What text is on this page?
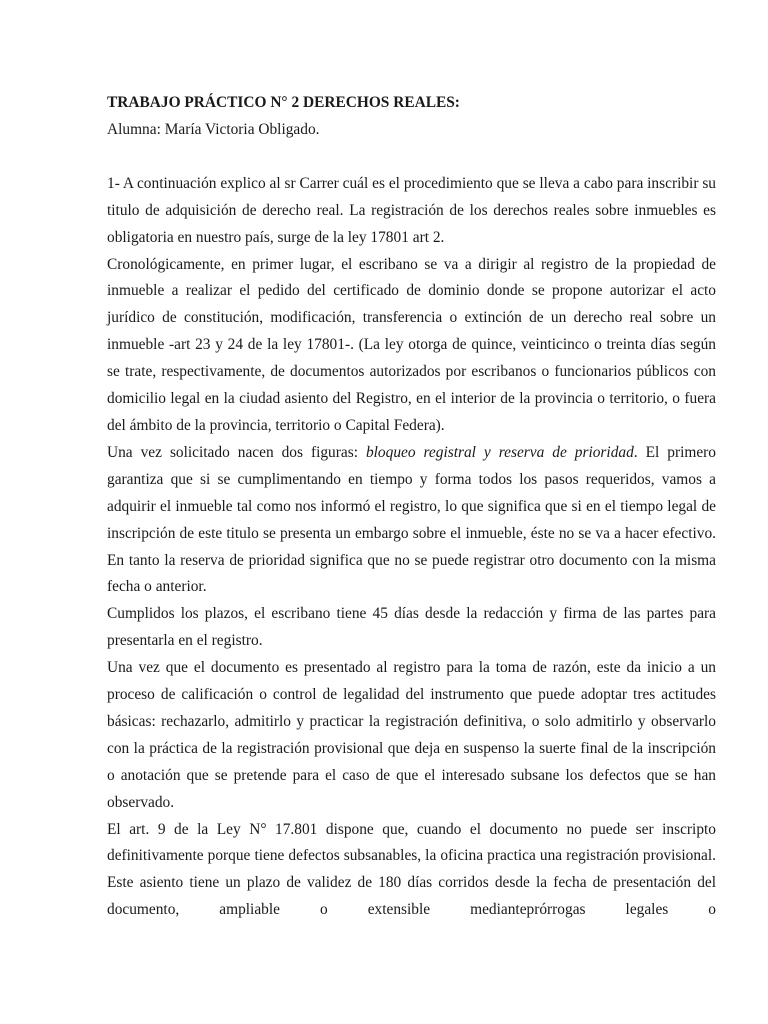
TRABAJO PRÁCTICO N° 2 DERECHOS REALES:

Alumna: María Victoria Obligado.

1- A continuación explico al sr Carrer cuál es el procedimiento que se lleva a cabo para inscribir su titulo de adquisición de derecho real. La registración de los derechos reales sobre inmuebles es obligatoria en nuestro país, surge de la ley 17801 art 2.

Cronológicamente, en primer lugar, el escribano se va a dirigir al registro de la propiedad de inmueble a realizar el pedido del certificado de dominio donde se propone autorizar el acto jurídico de constitución, modificación, transferencia o extinción de un derecho real sobre un inmueble -art 23 y 24 de la ley 17801-. (La ley otorga de quince, veinticinco o treinta días según se trate, respectivamente, de documentos autorizados por escribanos o funcionarios públicos con domicilio legal en la ciudad asiento del Registro, en el interior de la provincia o territorio, o fuera del ámbito de la provincia, territorio o Capital Federa).

Una vez solicitado nacen dos figuras: bloqueo registral y reserva de prioridad. El primero garantiza que si se cumplimentando en tiempo y forma todos los pasos requeridos, vamos a adquirir el inmueble tal como nos informó el registro, lo que significa que si en el tiempo legal de inscripción de este titulo se presenta un embargo sobre el inmueble, éste no se va a hacer efectivo. En tanto la reserva de prioridad significa que no se puede registrar otro documento con la misma fecha o anterior.

Cumplidos los plazos, el escribano tiene 45 días desde la redacción y firma de las partes para presentarla en el registro.

Una vez que el documento es presentado al registro para la toma de razón, este da inicio a un proceso de calificación o control de legalidad del instrumento que puede adoptar tres actitudes básicas: rechazarlo, admitirlo y practicar la registración definitiva, o solo admitirlo y observarlo con la práctica de la registración provisional que deja en suspenso la suerte final de la inscripción o anotación que se pretende para el caso de que el interesado subsane los defectos que se han observado.

El art. 9 de la Ley N° 17.801 dispone que, cuando el documento no puede ser inscripto definitivamente porque tiene defectos subsanables, la oficina practica una registración provisional. Este asiento tiene un plazo de validez de 180 días corridos desde la fecha de presentación del documento, ampliable o extensible medianteprórrogas legales o
